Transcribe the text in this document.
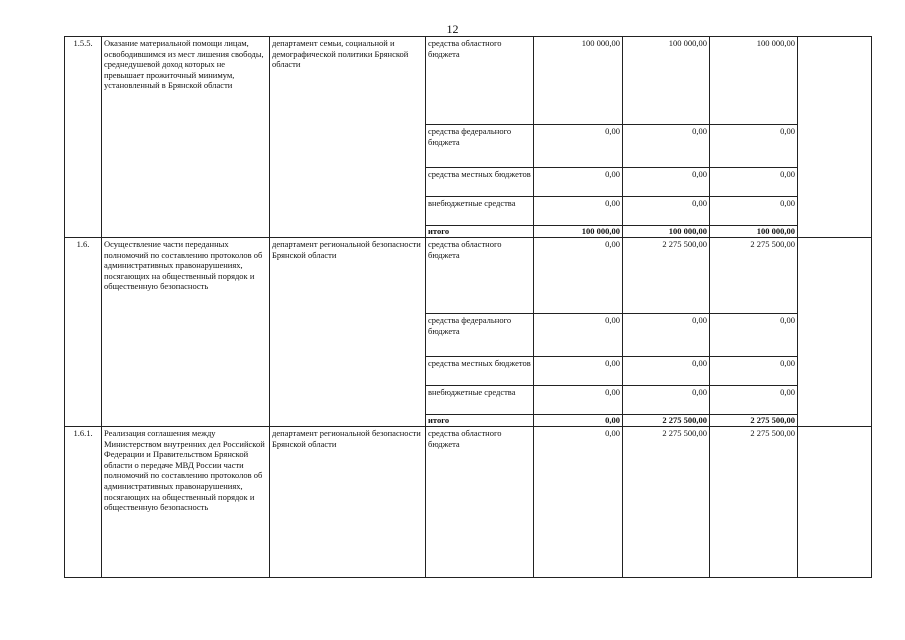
12
1.5.5.	Оказание материальной помощи лицам, освободившимся из мест лишения свободы, среднедушевой доход которых не превышает прожиточный минимум, установленный в Брянской области	департамент семьи, социальной и демографической политики Брянской области	средства областного бюджета	100 000,00	100 000,00	100 000,00	
			средства федерального бюджета	0,00	0,00	0,00	
			средства местных бюджетов	0,00	0,00	0,00	
			внебюджетные средства	0,00	0,00	0,00	
			итого	100 000,00	100 000,00	100 000,00	
1.6.	Осуществление части переданных полномочий по составлению протоколов об административных правонарушениях, посягающих на общественный порядок и общественную безопасность	департамент региональной безопасности Брянской области	средства областного бюджета	0,00	2 275 500,00	2 275 500,00	
			средства федерального бюджета	0,00	0,00	0,00	
			средства местных бюджетов	0,00	0,00	0,00	
			внебюджетные средства	0,00	0,00	0,00	
			итого	0,00	2 275 500,00	2 275 500,00	
1.6.1.	Реализация соглашения между Министерством внутренних дел Российской Федерации и Правительством Брянской области о передаче МВД России части полномочий по составлению протоколов об административных правонарушениях, посягающих на общественный порядок и общественную безопасность	департамент региональной безопасности Брянской области	средства областного бюджета	0,00	2 275 500,00	2 275 500,00	
